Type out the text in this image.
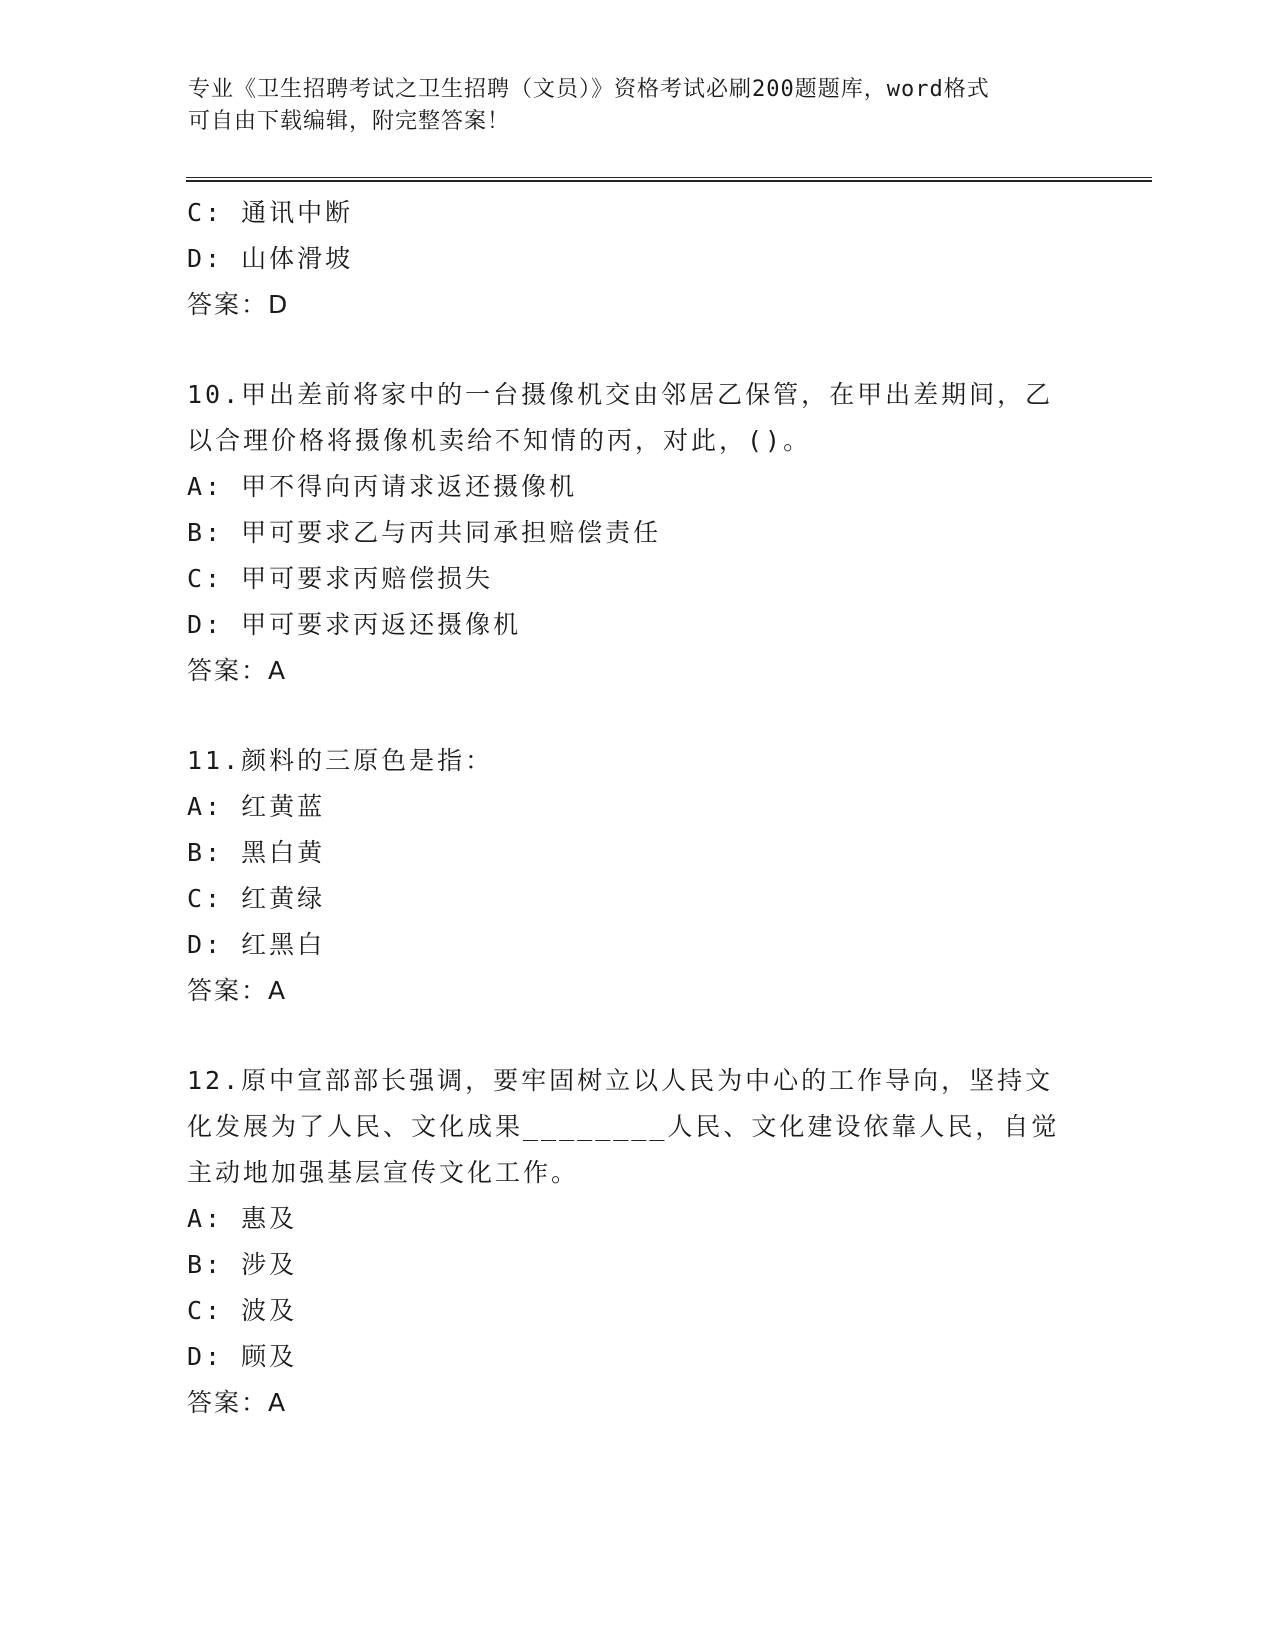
专业《卫生招聘考试之卫生招聘（文员）》资格考试必刷200题题库，word格式
可自由下载编辑，附完整答案！
C: 通讯中断
D: 山体滑坡
答案：D
10.甲出差前将家中的一台摄像机交由邻居乙保管，在甲出差期间，乙
以合理价格将摄像机卖给不知情的丙，对此，()。
A: 甲不得向丙请求返还摄像机
B: 甲可要求乙与丙共同承担赔偿责任
C: 甲可要求丙赔偿损失
D: 甲可要求丙返还摄像机
答案：A
11.颜料的三原色是指：
A: 红黄蓝
B: 黑白黄
C: 红黄绿
D: 红黑白
答案：A
12.原中宣部部长强调，要牢固树立以人民为中心的工作导向，坚持文
化发展为了人民、文化成果________人民、文化建设依靠人民，自觉
主动地加强基层宣传文化工作。
A: 惠及
B: 涉及
C: 波及
D: 顾及
答案：A
